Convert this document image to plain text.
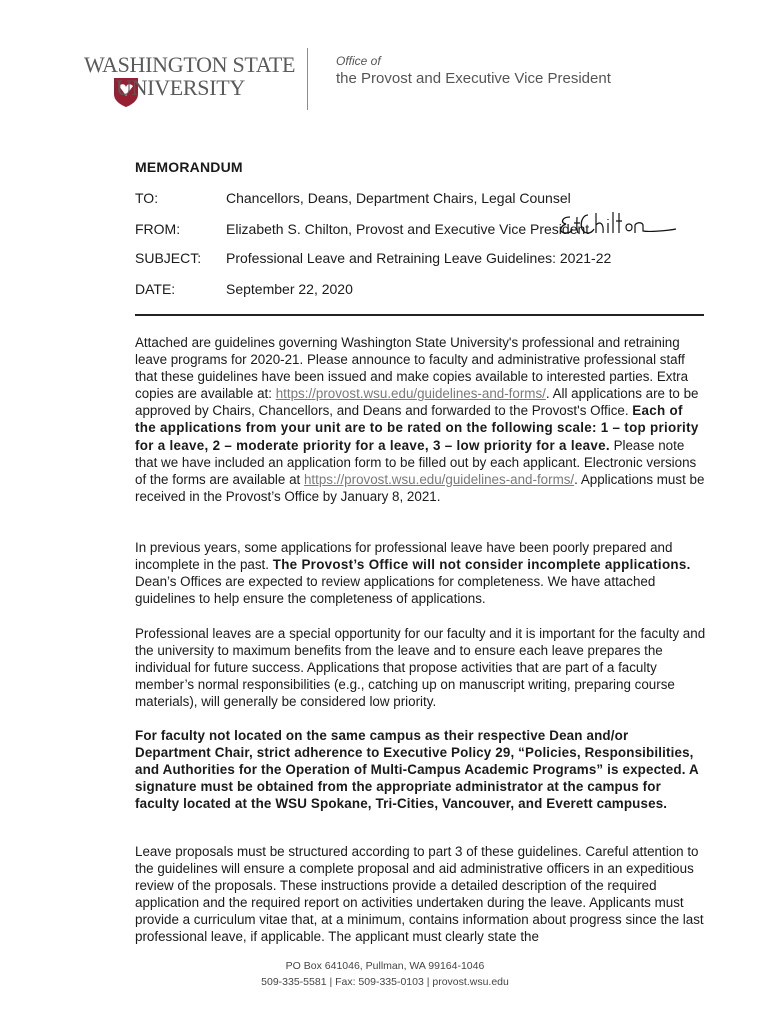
WASHINGTON STATE
UNIVERSITY
Office of
the Provost and Executive Vice President
MEMORANDUM
TO:	Chancellors, Deans, Department Chairs, Legal Counsel
FROM:	Elizabeth S. Chilton, Provost and Executive Vice President
SUBJECT: Professional Leave and Retraining Leave Guidelines: 2021-22
DATE:	September 22, 2020
Attached are guidelines governing Washington State University's professional and retraining leave programs for 2020-21. Please announce to faculty and administrative professional staff that these guidelines have been issued and make copies available to interested parties. Extra copies are available at: https://provost.wsu.edu/guidelines-and-forms/. All applications are to be approved by Chairs, Chancellors, and Deans and forwarded to the Provost's Office. Each of the applications from your unit are to be rated on the following scale: 1 – top priority for a leave, 2 – moderate priority for a leave, 3 – low priority for a leave. Please note that we have included an application form to be filled out by each applicant. Electronic versions of the forms are available at https://provost.wsu.edu/guidelines-and-forms/. Applications must be received in the Provost’s Office by January 8, 2021.
In previous years, some applications for professional leave have been poorly prepared and incomplete in the past. The Provost’s Office will not consider incomplete applications. Dean’s Offices are expected to review applications for completeness. We have attached guidelines to help ensure the completeness of applications.
Professional leaves are a special opportunity for our faculty and it is important for the faculty and the university to maximum benefits from the leave and to ensure each leave prepares the individual for future success. Applications that propose activities that are part of a faculty member’s normal responsibilities (e.g., catching up on manuscript writing, preparing course materials), will generally be considered low priority.
For faculty not located on the same campus as their respective Dean and/or Department Chair, strict adherence to Executive Policy 29, “Policies, Responsibilities, and Authorities for the Operation of Multi-Campus Academic Programs” is expected. A signature must be obtained from the appropriate administrator at the campus for faculty located at the WSU Spokane, Tri-Cities, Vancouver, and Everett campuses.
Leave proposals must be structured according to part 3 of these guidelines. Careful attention to the guidelines will ensure a complete proposal and aid administrative officers in an expeditious review of the proposals. These instructions provide a detailed description of the required application and the required report on activities undertaken during the leave. Applicants must provide a curriculum vitae that, at a minimum, contains information about progress since the last professional leave, if applicable. The applicant must clearly state the
PO Box 641046, Pullman, WA 99164-1046
509-335-5581 | Fax: 509-335-0103 | provost.wsu.edu
